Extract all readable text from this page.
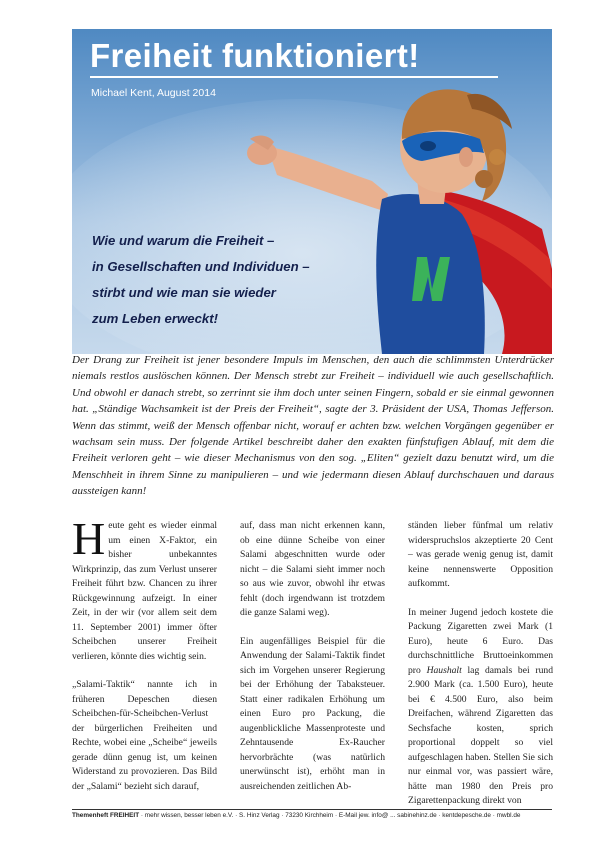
Freiheit funktioniert!
Michael Kent, August 2014
Wie und warum die Freiheit –
in Gesellschaften und Individuen –
stirbt und wie man sie wieder
zum Leben erweckt!

Der Drang zur Freiheit ist jener besondere Impuls im Menschen, den auch die schlimmsten Unterdrücker niemals restlos auslöschen können. Der Mensch strebt zur Freiheit – individuell wie auch gesellschaftlich. Und obwohl er danach strebt, so zerrinnt sie ihm doch unter seinen Fingern, sobald er sie einmal gewonnen hat. „Ständige Wachsamkeit ist der Preis der Freiheit“, sagte der 3. Präsident der USA, Thomas Jefferson. Wenn das stimmt, weiß der Mensch offenbar nicht, worauf er achten bzw. welchen Vorgängen gegenüber er wachsam sein muss. Der folgende Artikel beschreibt daher den exakten fünfstufigen Ablauf, mit dem die Freiheit verloren geht – wie dieser Mechanismus von den sog. „Eliten“ gezielt dazu benutzt wird, um die Menschheit in ihrem Sinne zu manipulieren – und wie jedermann diesen Ablauf durchschauen und daraus aussteigen kann!

Heute geht es wieder einmal um einen X-Faktor, ein bisher unbekanntes Wirkprinzip, das zum Verlust unserer Freiheit führt bzw. Chancen zu ihrer Rückgewinnung aufzeigt. In einer Zeit, in der wir (vor allem seit dem 11. September 2001) immer öfter Scheibchen unserer Freiheit verlieren, könnte dies wichtig sein.

„Salami-Taktik“ nannte ich in früheren Depeschen diesen Scheibchen-für-Scheibchen-Verlust der bürgerlichen Freiheiten und Rechte, wobei eine „Scheibe“ jeweils gerade dünn genug ist, um keinen Widerstand zu provozieren. Das Bild der „Salami“ bezieht sich darauf,

auf, dass man nicht erkennen kann, ob eine dünne Scheibe von einer Salami abgeschnitten wurde oder nicht – die Salami sieht immer noch so aus wie zuvor, obwohl ihr etwas fehlt (doch irgendwann ist trotzdem die ganze Salami weg).

Ein augenfälliges Beispiel für die Anwendung der Salami-Taktik findet sich im Vorgehen unserer Regierung bei der Erhöhung der Tabaksteuer. Statt einer radikalen Erhöhung um einen Euro pro Packung, die augenblickliche Massenproteste und Zehntausende Ex-Raucher hervorbrächte (was natürlich unerwünscht ist), erhöht man in ausreichenden zeitlichen Ab-

ständen lieber fünfmal um relativ widerspruchslos akzeptierte 20 Cent – was gerade wenig genug ist, damit keine nennenswerte Opposition aufkommt.

In meiner Jugend jedoch kostete die Packung Zigaretten zwei Mark (1 Euro), heute 6 Euro. Das durchschnittliche Bruttoeinkommen pro Haushalt lag damals bei rund 2.900 Mark (ca. 1.500 Euro), heute bei € 4.500 Euro, also beim Dreifachen, während Zigaretten das Sechsfache kosten, sprich proportional doppelt so viel aufgeschlagen haben. Stellen Sie sich nur einmal vor, was passiert wäre, hätte man 1980 den Preis pro Zigarettenpackung direkt von

Themenheft FREIHEIT · mehr wissen, besser leben e.V. · S. Hinz Verlag · 73230 Kirchheim · E-Mail jew. info@ ... sabinehinz.de · kentdepesche.de · mwbl.de
